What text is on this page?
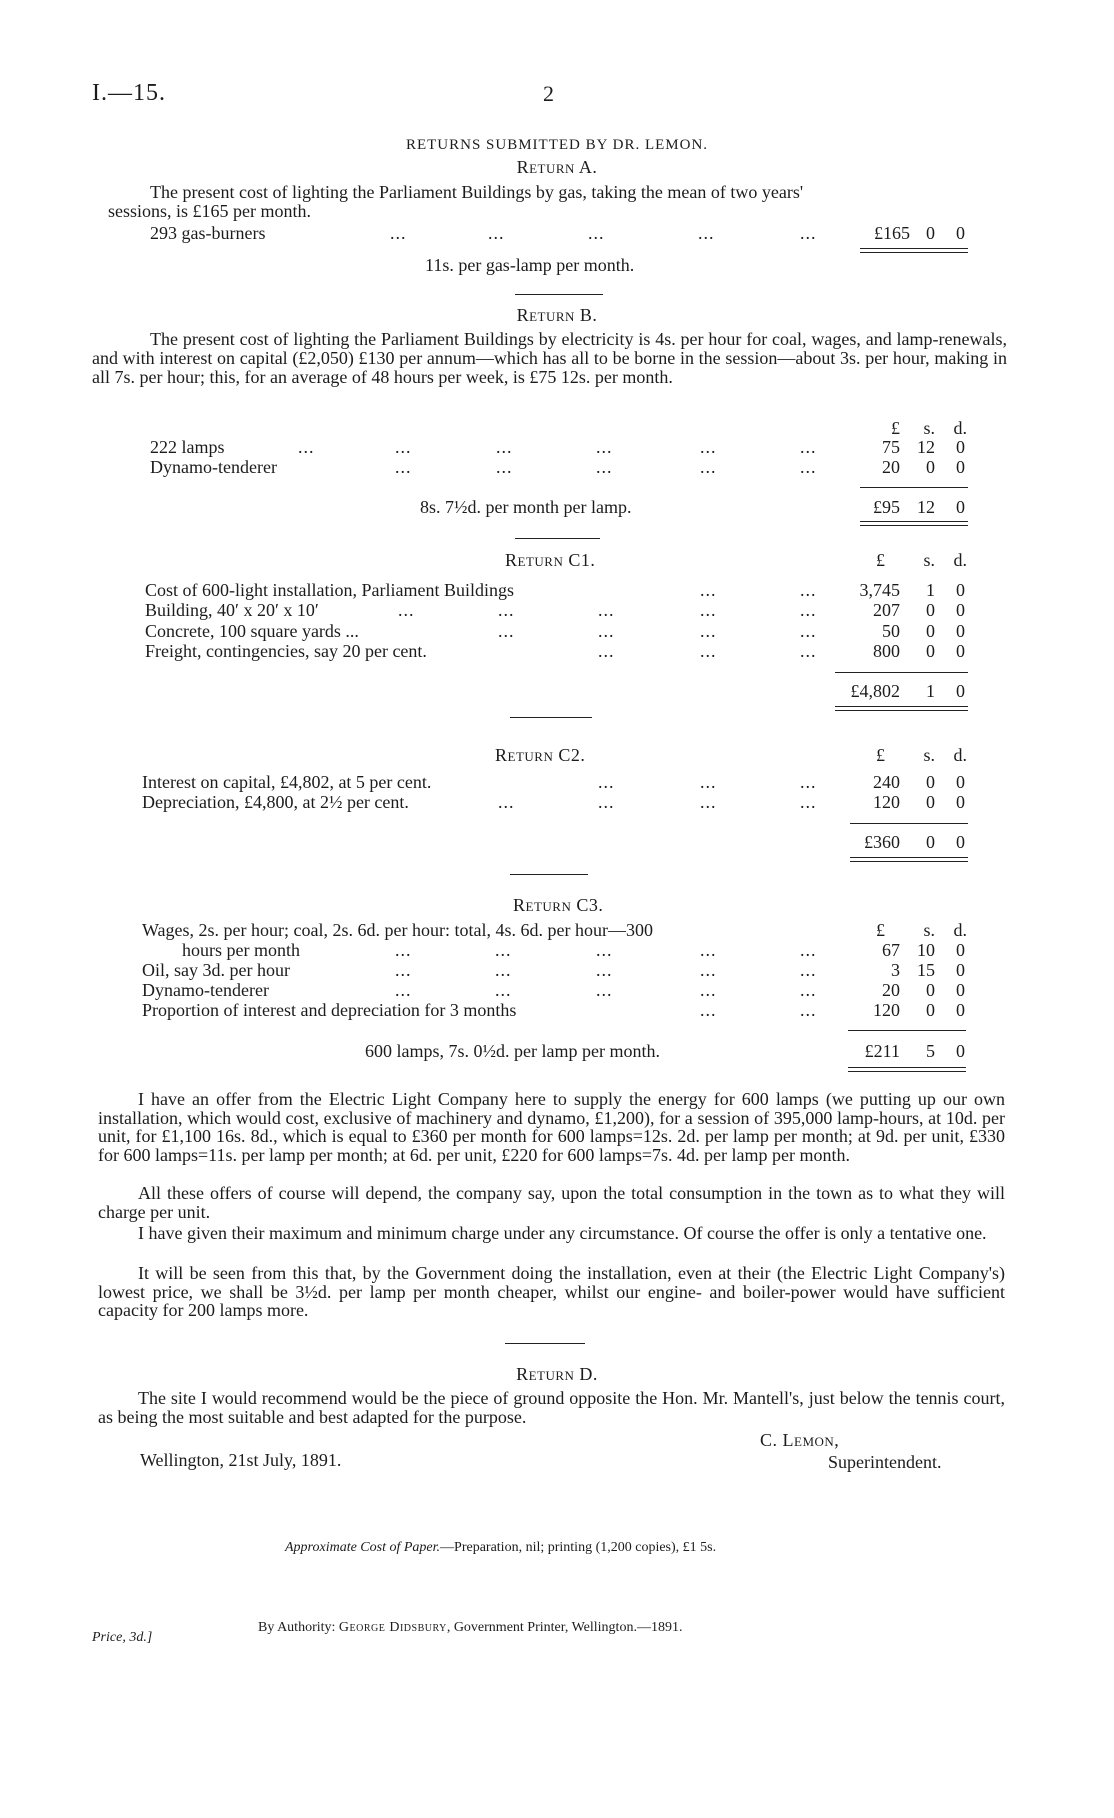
I.—15.	2
RETURNS SUBMITTED BY DR. LEMON.
Return A.
The present cost of lighting the Parliament Buildings by gas, taking the mean of two years'
sessions, is £165 per month.
293 gas-burners	...	...	...	...	...	£165 0	0
11s. per gas-lamp per month.
Return B.
The present cost of lighting the Parliament Buildings by electricity is 4s. per hour for coal, wages, and lamp-renewals, and with interest on capital (£2,050) £130 per annum—which has all to be borne in the session—about 3s. per hour, making in all 7s. per hour; this, for an average of 48 hours per week, is £75 12s. per month.
£	s.	d.
222 lamps	...	...	...	...	...	...	75 12	0
Dynamo-tenderer	...	...	...	...	...	20	0	0
8s. 7½d. per month per lamp.	£95 12	0
Return C1.	£	s.	d.
Cost of 600-light installation, Parliament Buildings	...	...	3,745	1	0
Building, 40′ x 20′ x 10′	...	...	...	...	...	207	0	0
Concrete, 100 square yards ...	...	...	...	...	50	0	0
Freight, contingencies, say 20 per cent.	...	...	...	800	0	0
£4,802	1	0
Return C2.	£	s.	d.
Interest on capital, £4,802, at 5 per cent.	...	...	...	240	0	0
Depreciation, £4,800, at 2½ per cent.	...	...	...	...	120	0	0
£360	0	0
Return C3.
Wages, 2s. per hour; coal, 2s. 6d. per hour: total, 4s. 6d. per hour—300	£	s.	d.
hours per month	...	...	...	...	...	67 10	0
Oil, say 3d. per hour	...	...	...	...	...	3 15	0
Dynamo-tenderer	...	...	...	...	...	20	0	0
Proportion of interest and depreciation for 3 months	...	...	120	0	0
600 lamps, 7s. 0½d. per lamp per month.	£211	5	0
I have an offer from the Electric Light Company here to supply the energy for 600 lamps (we putting up our own installation, which would cost, exclusive of machinery and dynamo, £1,200), for a session of 395,000 lamp-hours, at 10d. per unit, for £1,100 16s. 8d., which is equal to £360 per month for 600 lamps=12s. 2d. per lamp per month; at 9d. per unit, £330 for 600 lamps=11s. per lamp per month; at 6d. per unit, £220 for 600 lamps=7s. 4d. per lamp per month.
All these offers of course will depend, the company say, upon the total consumption in the town as to what they will charge per unit.
I have given their maximum and minimum charge under any circumstance. Of course the offer is only a tentative one.
It will be seen from this that, by the Government doing the installation, even at their (the Electric Light Company's) lowest price, we shall be 3½d. per lamp per month cheaper, whilst our engine- and boiler-power would have sufficient capacity for 200 lamps more.
Return D.
The site I would recommend would be the piece of ground opposite the Hon. Mr. Mantell's, just below the tennis court, as being the most suitable and best adapted for the purpose.
C. Lemon,
Wellington, 21st July, 1891.	Superintendent.
Approximate Cost of Paper.—Preparation, nil; printing (1,200 copies), £1 5s.
Price, 3d.]
By Authority: George Didsbury, Government Printer, Wellington.—1891.
